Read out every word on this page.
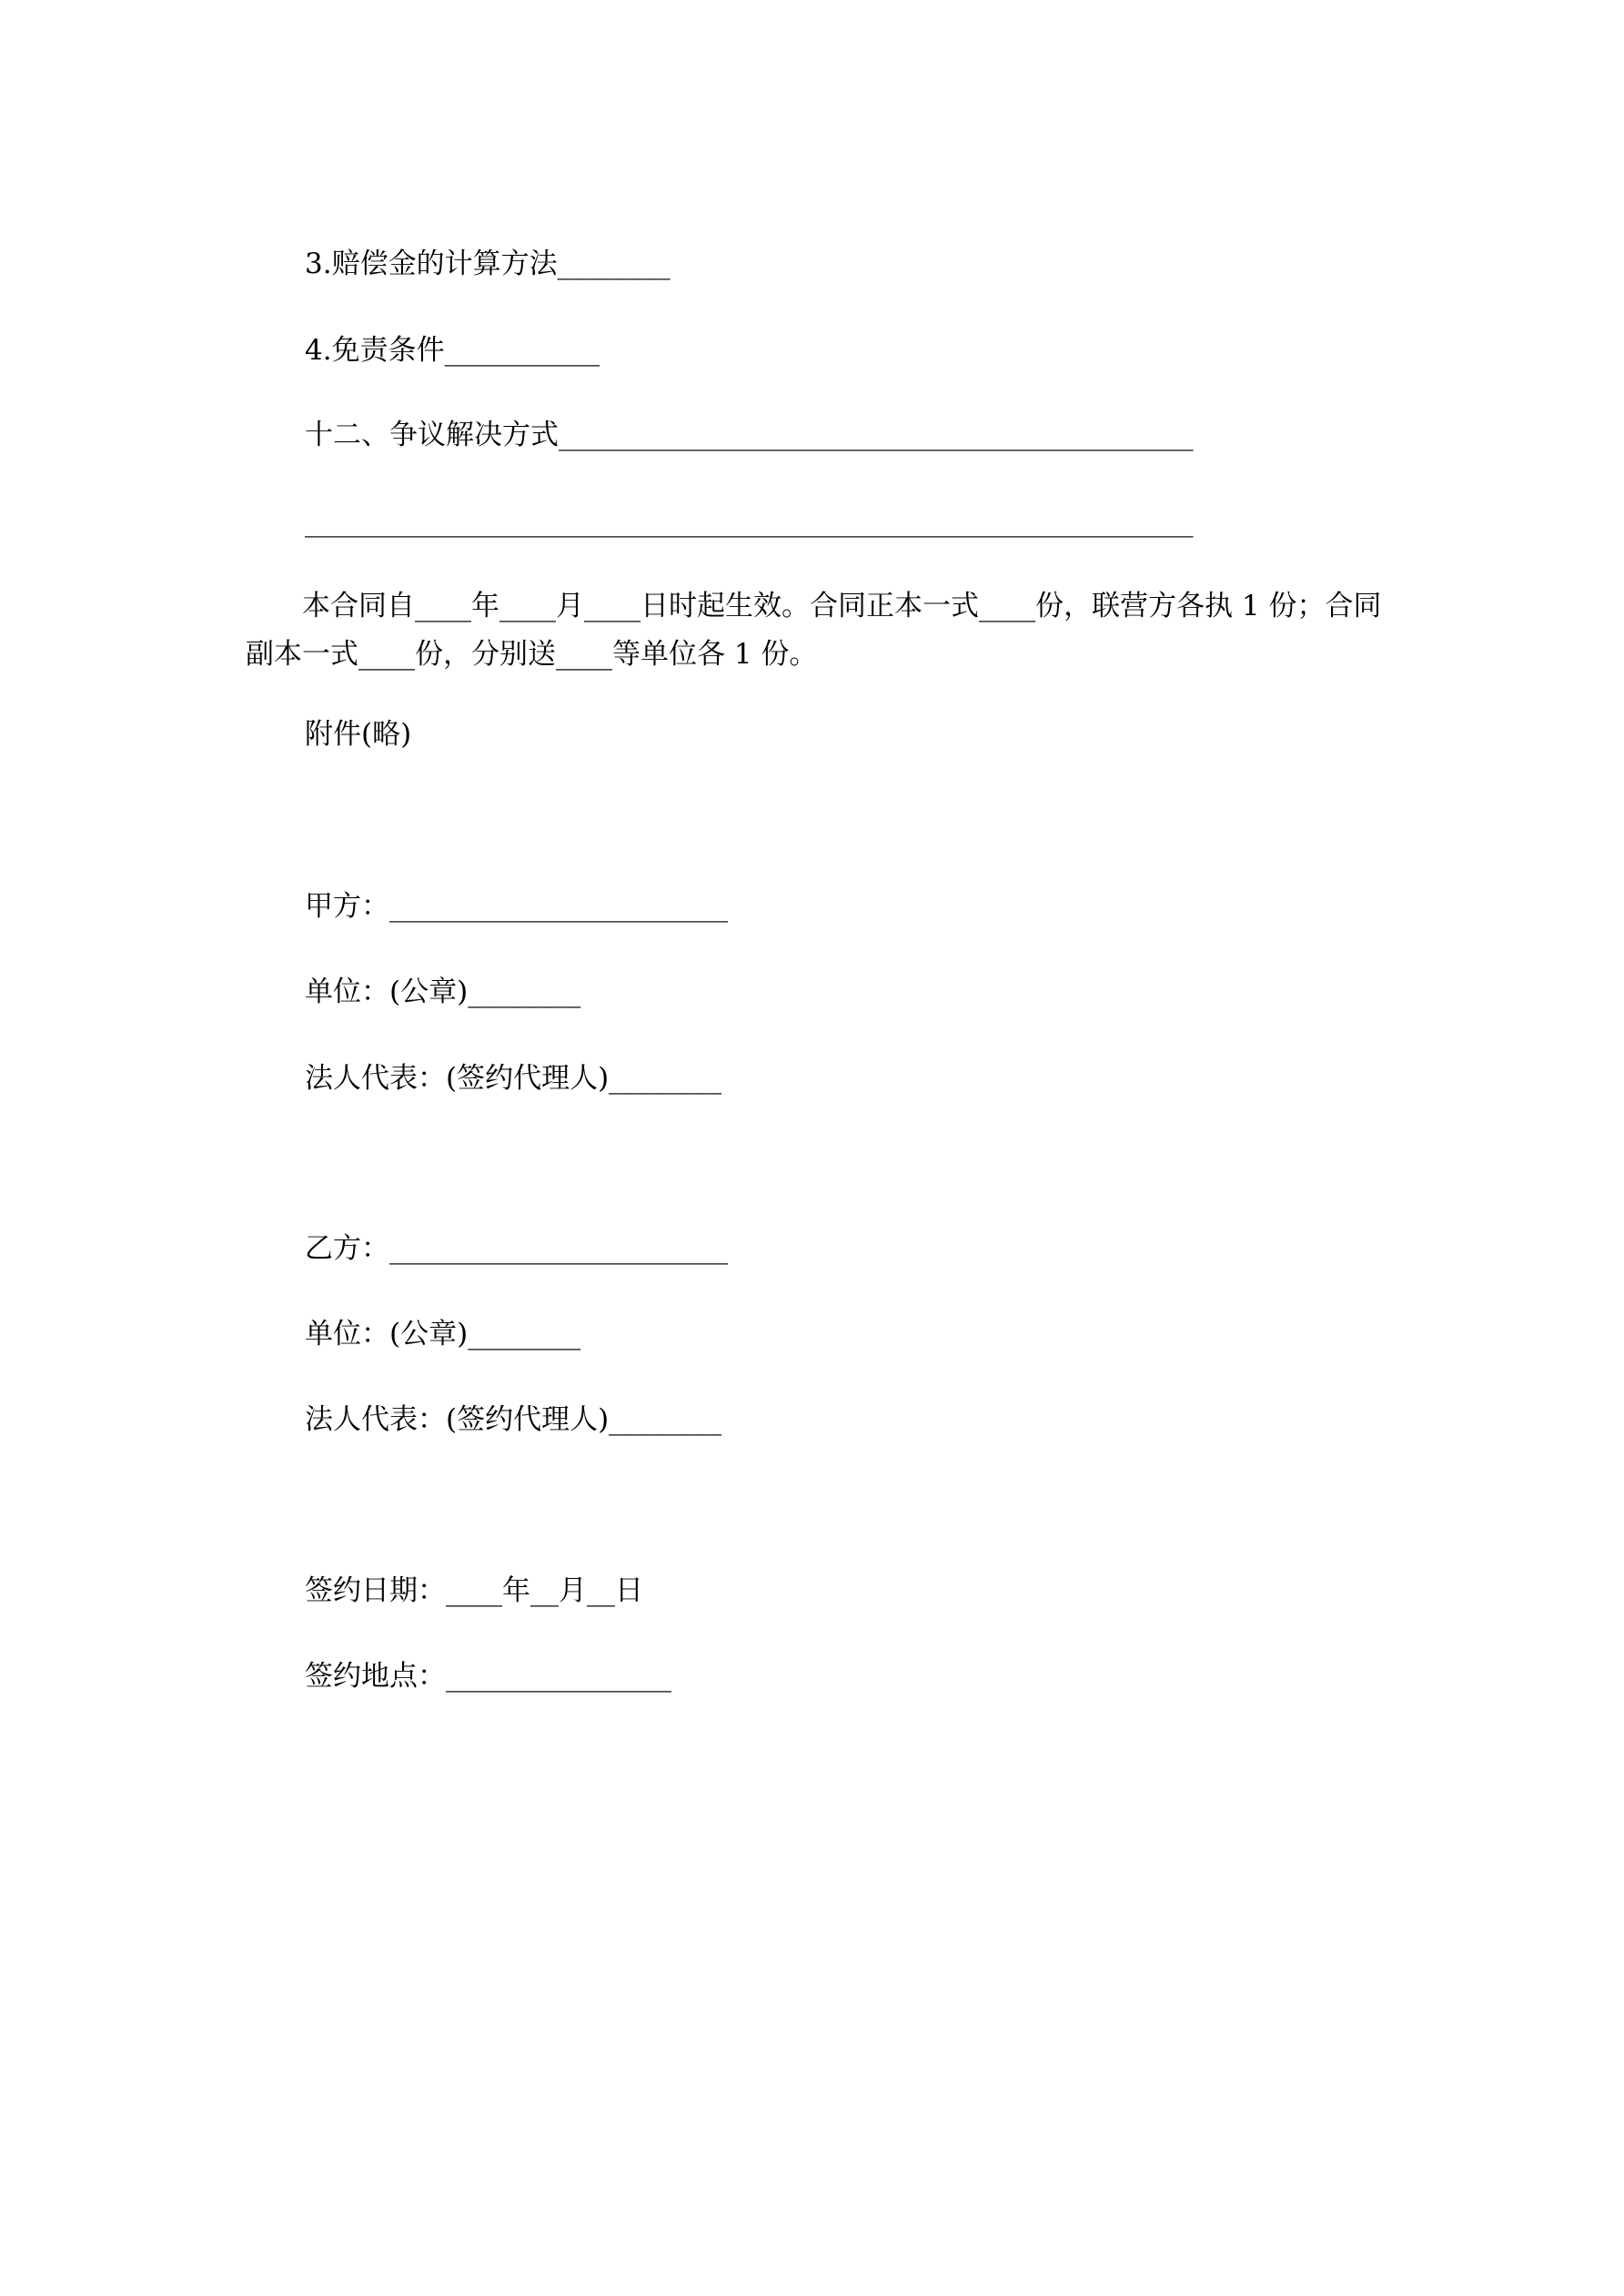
3.赔偿金的计算方法________
4.免责条件___________
十二、争议解决方式_____________________________________________
_______________________________________________________________
　　本合同自____年____月____日时起生效。合同正本一式____份，联营方各执 1 份；合同副本一式____份，分别送____等单位各 1 份。
附件(略)
甲方：________________________
单位：(公章)________
法人代表：(签约代理人)________
乙方：________________________
单位：(公章)________
法人代表：(签约代理人)________
签约日期：____年__月__日
签约地点：________________
